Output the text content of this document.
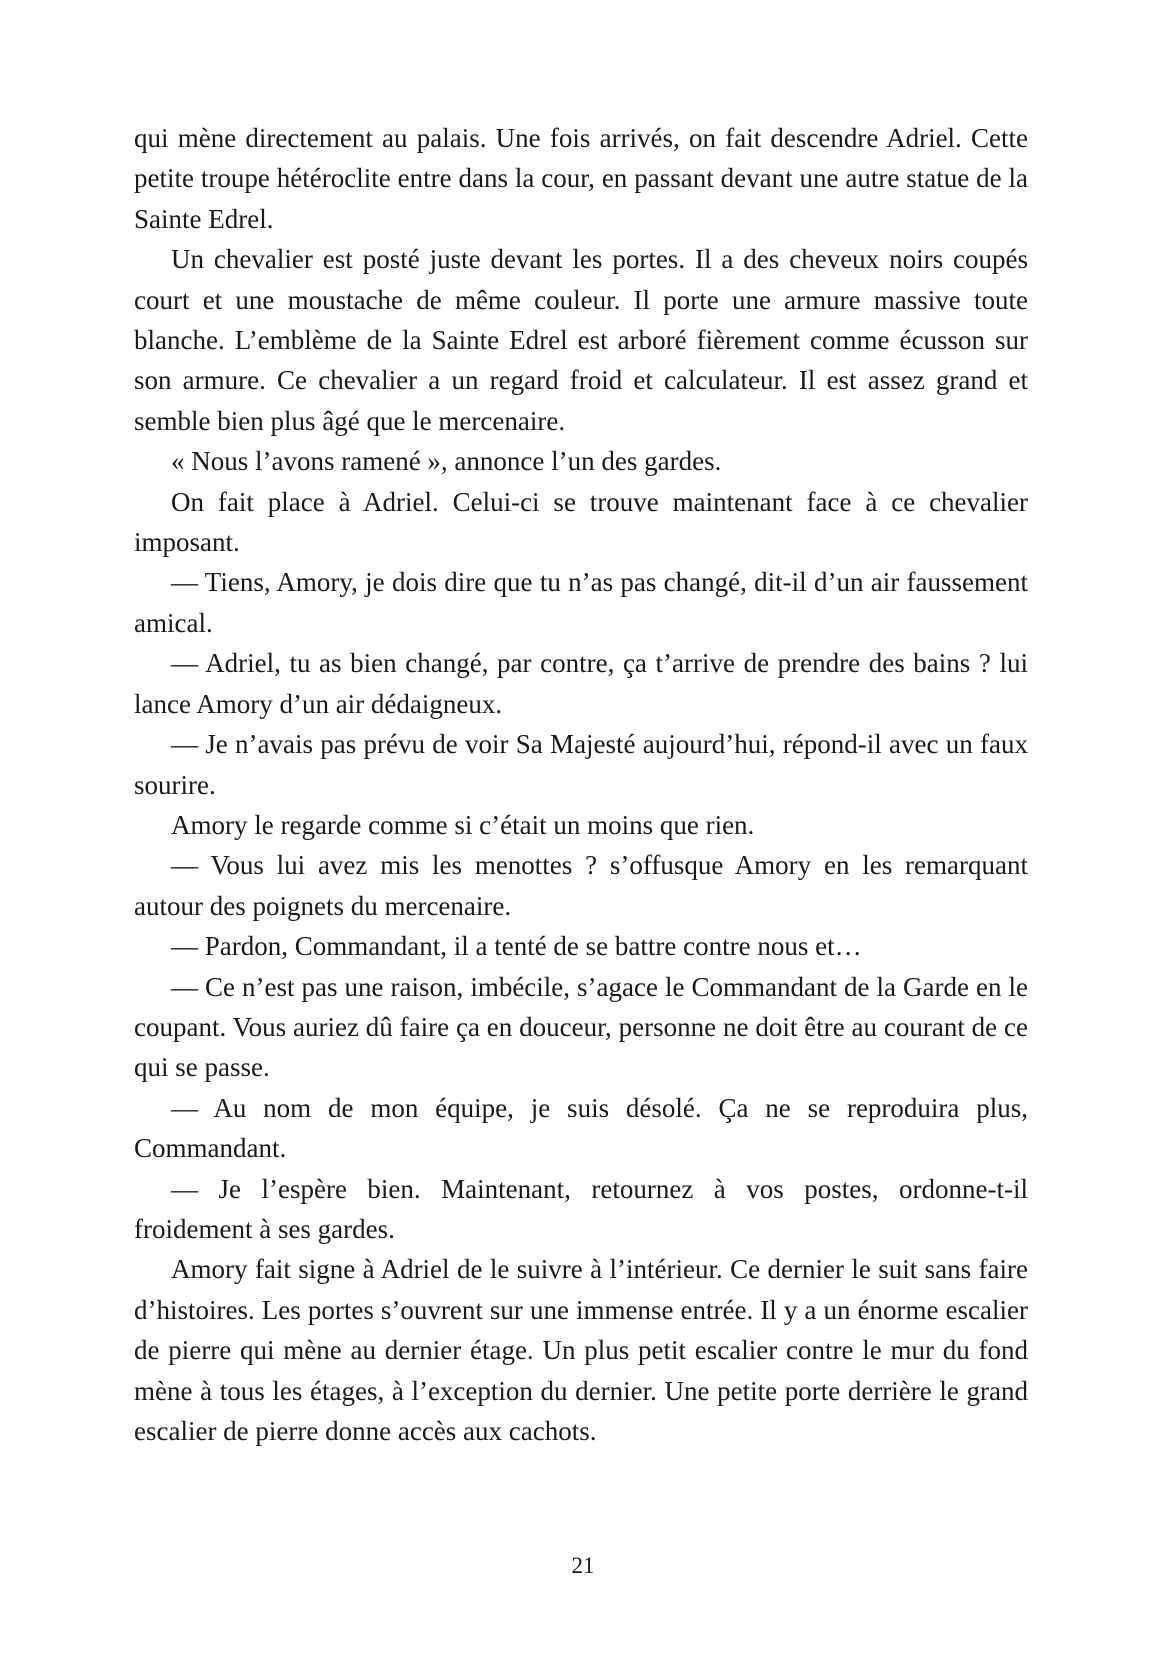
qui mène directement au palais. Une fois arrivés, on fait descendre Adriel. Cette petite troupe hétéroclite entre dans la cour, en passant devant une autre statue de la Sainte Edrel.

Un chevalier est posté juste devant les portes. Il a des cheveux noirs coupés court et une moustache de même couleur. Il porte une armure massive toute blanche. L’emblème de la Sainte Edrel est arboré fièrement comme écusson sur son armure. Ce chevalier a un regard froid et calculateur. Il est assez grand et semble bien plus âgé que le mercenaire.

« Nous l’avons ramené », annonce l’un des gardes.

On fait place à Adriel. Celui-ci se trouve maintenant face à ce chevalier imposant.

— Tiens, Amory, je dois dire que tu n’as pas changé, dit-il d’un air faussement amical.

— Adriel, tu as bien changé, par contre, ça t’arrive de prendre des bains ? lui lance Amory d’un air dédaigneux.

— Je n’avais pas prévu de voir Sa Majesté aujourd’hui, répond-il avec un faux sourire.

Amory le regarde comme si c’était un moins que rien.

— Vous lui avez mis les menottes ? s’offusque Amory en les remarquant autour des poignets du mercenaire.

— Pardon, Commandant, il a tenté de se battre contre nous et…

— Ce n’est pas une raison, imbécile, s’agace le Commandant de la Garde en le coupant. Vous auriez dû faire ça en douceur, personne ne doit être au courant de ce qui se passe.

— Au nom de mon équipe, je suis désolé. Ça ne se reproduira plus, Commandant.

— Je l’espère bien. Maintenant, retournez à vos postes, ordonne-t-il froidement à ses gardes.

Amory fait signe à Adriel de le suivre à l’intérieur. Ce dernier le suit sans faire d’histoires. Les portes s’ouvrent sur une immense entrée. Il y a un énorme escalier de pierre qui mène au dernier étage. Un plus petit escalier contre le mur du fond mène à tous les étages, à l’exception du dernier. Une petite porte derrière le grand escalier de pierre donne accès aux cachots.

21
